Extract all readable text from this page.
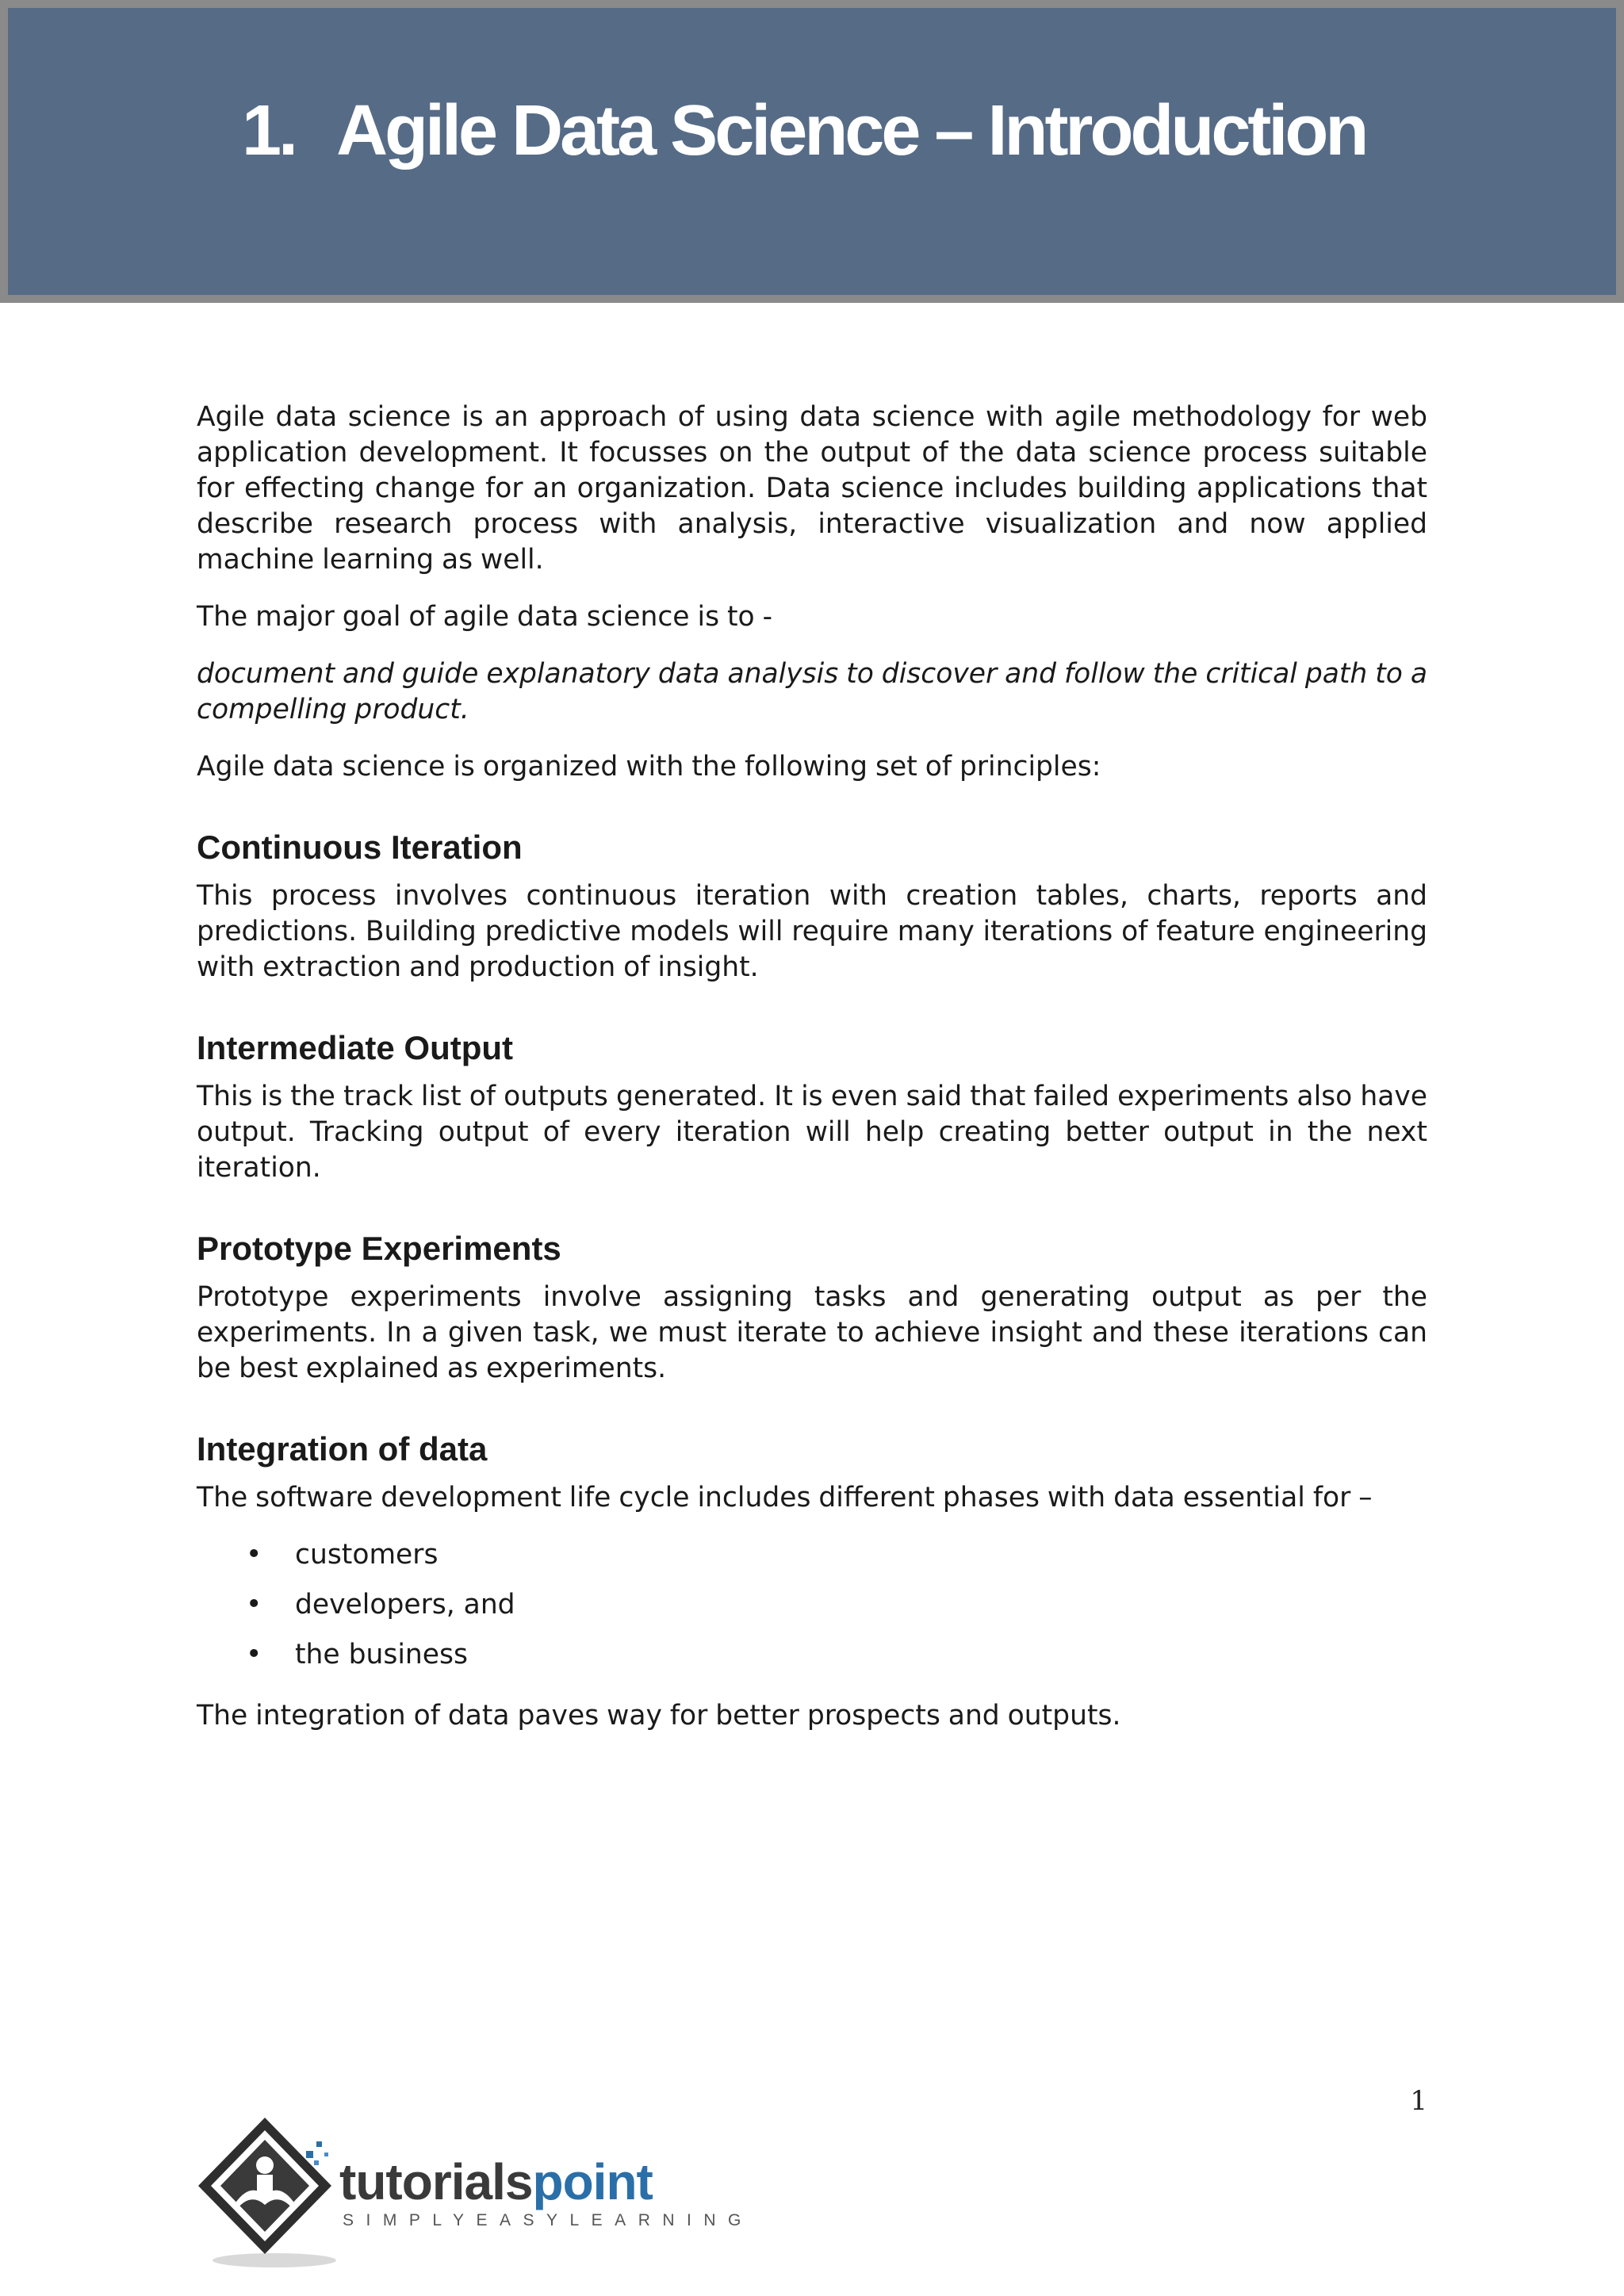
1. Agile Data Science – Introduction

Agile data science is an approach of using data science with agile methodology for web application development. It focusses on the output of the data science process suitable for effecting change for an organization. Data science includes building applications that describe research process with analysis, interactive visualization and now applied machine learning as well.

The major goal of agile data science is to -

document and guide explanatory data analysis to discover and follow the critical path to a compelling product.

Agile data science is organized with the following set of principles:

Continuous Iteration

This process involves continuous iteration with creation tables, charts, reports and predictions. Building predictive models will require many iterations of feature engineering with extraction and production of insight.

Intermediate Output

This is the track list of outputs generated. It is even said that failed experiments also have output. Tracking output of every iteration will help creating better output in the next iteration.

Prototype Experiments

Prototype experiments involve assigning tasks and generating output as per the experiments. In a given task, we must iterate to achieve insight and these iterations can be best explained as experiments.

Integration of data

The software development life cycle includes different phases with data essential for –

• customers
• developers, and
• the business

The integration of data paves way for better prospects and outputs.

1
tutorialspoint
SIMPLYEASYLEARNING
